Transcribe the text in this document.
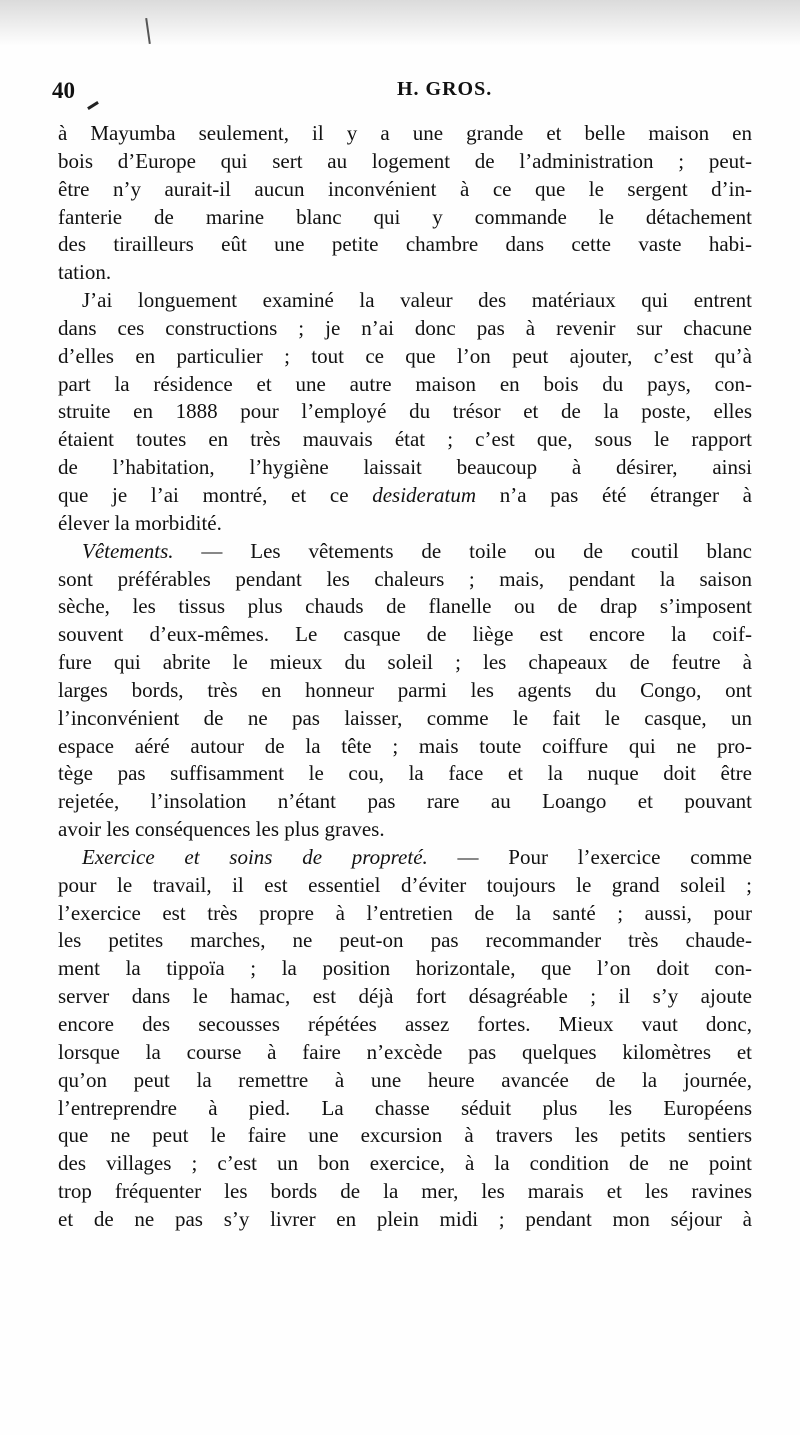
40	H. GROS.
à Mayumba seulement, il y a une grande et belle maison en
bois d’Europe qui sert au logement de l’administration ; peut-
être n’y aurait-il aucun inconvénient à ce que le sergent d’in-
fanterie de marine blanc qui y commande le détachement
des tirailleurs eût une petite chambre dans cette vaste habi-
tation.
J’ai longuement examiné la valeur des matériaux qui entrent
dans ces constructions ; je n’ai donc pas à revenir sur chacune
d’elles en particulier ; tout ce que l’on peut ajouter, c’est qu’à
part la résidence et une autre maison en bois du pays, con-
struite en 1888 pour l’employé du trésor et de la poste, elles
étaient toutes en très mauvais état ; c’est que, sous le rapport
de l’habitation, l’hygiène laissait beaucoup à désirer, ainsi
que je l’ai montré, et ce desideratum n’a pas été étranger à
élever la morbidité.
Vêtements. — Les vêtements de toile ou de coutil blanc
sont préférables pendant les chaleurs ; mais, pendant la saison
sèche, les tissus plus chauds de flanelle ou de drap s’imposent
souvent d’eux-mêmes. Le casque de liège est encore la coif-
fure qui abrite le mieux du soleil ; les chapeaux de feutre à
larges bords, très en honneur parmi les agents du Congo, ont
l’inconvénient de ne pas laisser, comme le fait le casque, un
espace aéré autour de la tête ; mais toute coiffure qui ne pro-
tège pas suffisamment le cou, la face et la nuque doit être
rejetée, l’insolation n’étant pas rare au Loango et pouvant
avoir les conséquences les plus graves.
Exercice et soins de propreté. — Pour l’exercice comme
pour le travail, il est essentiel d’éviter toujours le grand soleil ;
l’exercice est très propre à l’entretien de la santé ; aussi, pour
les petites marches, ne peut-on pas recommander très chaude-
ment la tippoïa ; la position horizontale, que l’on doit con-
server dans le hamac, est déjà fort désagréable ; il s’y ajoute
encore des secousses répétées assez fortes. Mieux vaut donc,
lorsque la course à faire n’excède pas quelques kilomètres et
qu’on peut la remettre à une heure avancée de la journée,
l’entreprendre à pied. La chasse séduit plus les Européens
que ne peut le faire une excursion à travers les petits sentiers
des villages ; c’est un bon exercice, à la condition de ne point
trop fréquenter les bords de la mer, les marais et les ravines
et de ne pas s’y livrer en plein midi ; pendant mon séjour à
